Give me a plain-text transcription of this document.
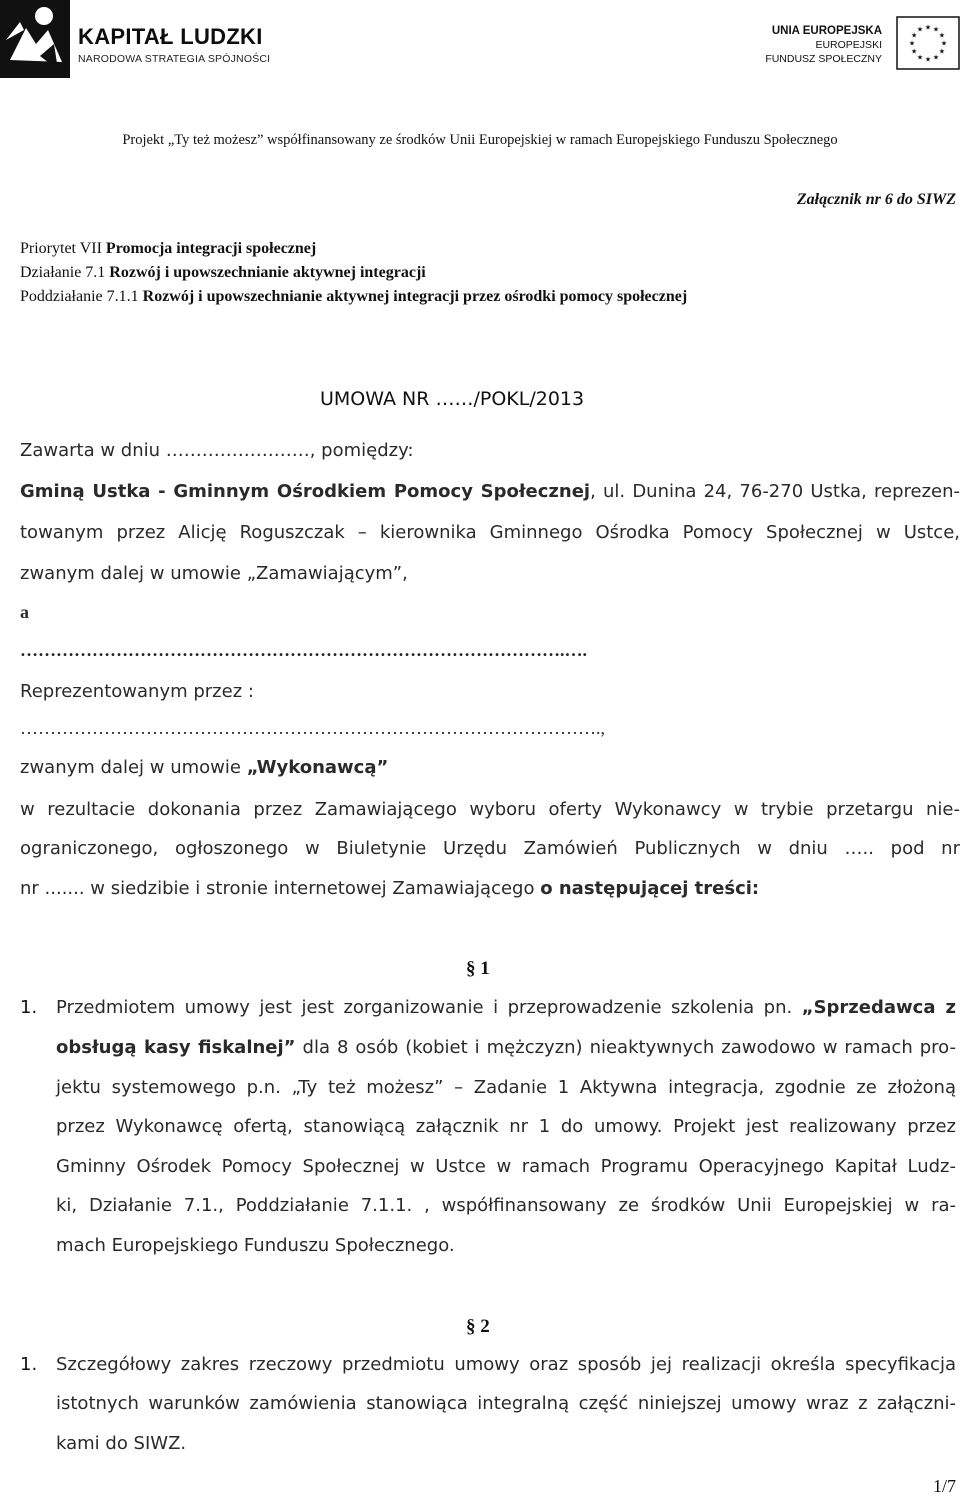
KAPITAŁ LUDZKI
NARODOWA STRATEGIA SPÓJNOŚCI
UNIA EUROPEJSKA
EUROPEJSKI
FUNDUSZ SPOŁECZNY
★
★
★
★
★
★
★
★
★ ★ ★
★
Projekt „Ty też możesz” współfinansowany ze środków Unii Europejskiej w ramach Europejskiego Funduszu Społecznego
Załącznik nr 6 do SIWZ
Priorytet VII Promocja integracji społecznej
Działanie 7.1 Rozwój i upowszechnianie aktywnej integracji
Poddziałanie 7.1.1 Rozwój i upowszechnianie aktywnej integracji przez ośrodki pomocy społecznej
UMOWA NR ……/POKL/2013
Zawarta w dniu ……………………, pomiędzy:
Gminą Ustka - Gminnym Ośrodkiem Pomocy Społecznej, ul. Dunina 24, 76-270 Ustka, reprezen-
towanym przez Alicję Roguszczak – kierownika Gminnego Ośrodka Pomocy Społecznej w Ustce,
zwanym dalej w umowie „Zamawiającym”,
a
……………………………………………………………………………….….
Reprezentowanym przez :
…………………………………………………………………………………….,
zwanym dalej w umowie „Wykonawcą”
w rezultacie dokonania przez Zamawiającego wyboru oferty Wykonawcy w trybie przetargu nie-
ograniczonego, ogłoszonego w Biuletynie Urzędu Zamówień Publicznych w dniu ….. pod nr
nr ....... w siedzibie i stronie internetowej Zamawiającego o następującej treści:
§ 1
1. Przedmiotem umowy jest jest zorganizowanie i przeprowadzenie szkolenia pn. „Sprzedawca z
obsługą kasy fiskalnej” dla 8 osób (kobiet i mężczyzn) nieaktywnych zawodowo w ramach pro-
jektu systemowego p.n. „Ty też możesz” – Zadanie 1 Aktywna integracja, zgodnie ze złożoną
przez Wykonawcę ofertą, stanowiącą załącznik nr 1 do umowy. Projekt jest realizowany przez
Gminny Ośrodek Pomocy Społecznej w Ustce w ramach Programu Operacyjnego Kapitał Ludz-
ki, Działanie 7.1., Poddziałanie 7.1.1. , współfinansowany ze środków Unii Europejskiej w ra-
mach Europejskiego Funduszu Społecznego.
§ 2
1. Szczegółowy zakres rzeczowy przedmiotu umowy oraz sposób jej realizacji określa specyfikacja
istotnych warunków zamówienia stanowiąca integralną część niniejszej umowy wraz z załączni-
kami do SIWZ.
1/7
